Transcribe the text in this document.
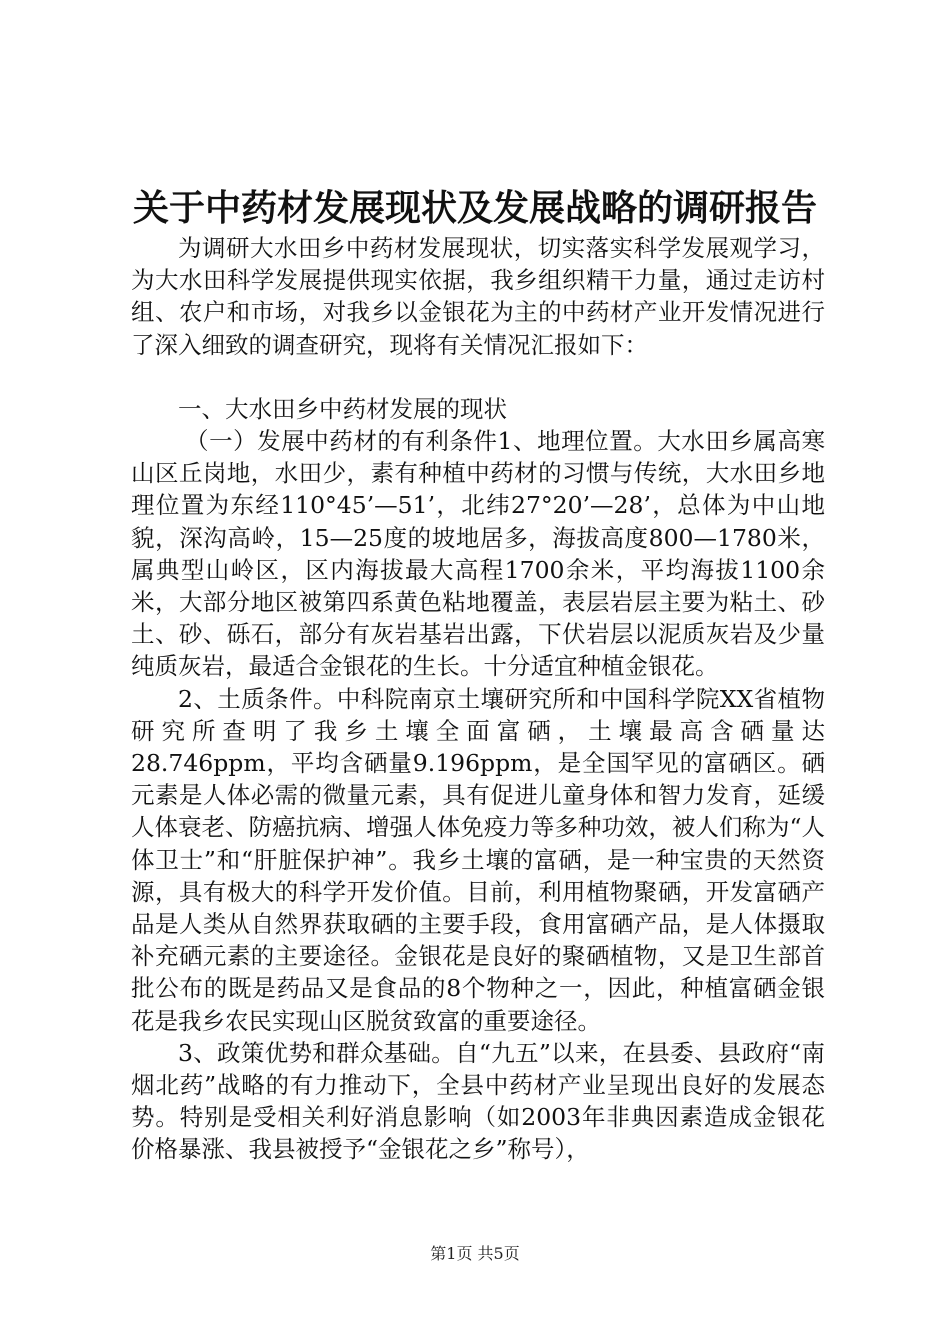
关于中药材发展现状及发展战略的调研报告

为调研大水田乡中药材发展现状，切实落实科学发展观学习，为大水田科学发展提供现实依据，我乡组织精干力量，通过走访村组、农户和市场，对我乡以金银花为主的中药材产业开发情况进行了深入细致的调查研究，现将有关情况汇报如下：

一、大水田乡中药材发展的现状

（一）发展中药材的有利条件1、地理位置。大水田乡属高寒山区丘岗地，水田少，素有种植中药材的习惯与传统，大水田乡地理位置为东经110°45’—51’，北纬27°20’—28’，总体为中山地貌，深沟高岭，15—25度的坡地居多，海拔高度800—1780米，属典型山岭区，区内海拔最大高程1700余米，平均海拔1100余米，大部分地区被第四系黄色粘地覆盖，表层岩层主要为粘土、砂土、砂、砾石，部分有灰岩基岩出露，下伏岩层以泥质灰岩及少量纯质灰岩，最适合金银花的生长。十分适宜种植金银花。

2、土质条件。中科院南京土壤研究所和中国科学院XX省植物研究所查明了我乡土壤全面富硒，土壤最高含硒量达28.746ppm，平均含硒量9.196ppm，是全国罕见的富硒区。硒元素是人体必需的微量元素，具有促进儿童身体和智力发育，延缓人体衰老、防癌抗病、增强人体免疫力等多种功效，被人们称为“人体卫士”和“肝脏保护神”。我乡土壤的富硒，是一种宝贵的天然资源，具有极大的科学开发价值。目前，利用植物聚硒，开发富硒产品是人类从自然界获取硒的主要手段，食用富硒产品，是人体摄取补充硒元素的主要途径。金银花是良好的聚硒植物，又是卫生部首批公布的既是药品又是食品的8个物种之一，因此，种植富硒金银花是我乡农民实现山区脱贫致富的重要途径。

3、政策优势和群众基础。自“九五”以来，在县委、县政府“南烟北药”战略的有力推动下，全县中药材产业呈现出良好的发展态势。特别是受相关利好消息影响（如2003年非典因素造成金银花价格暴涨、我县被授予“金银花之乡”称号），

第1页 共5页
